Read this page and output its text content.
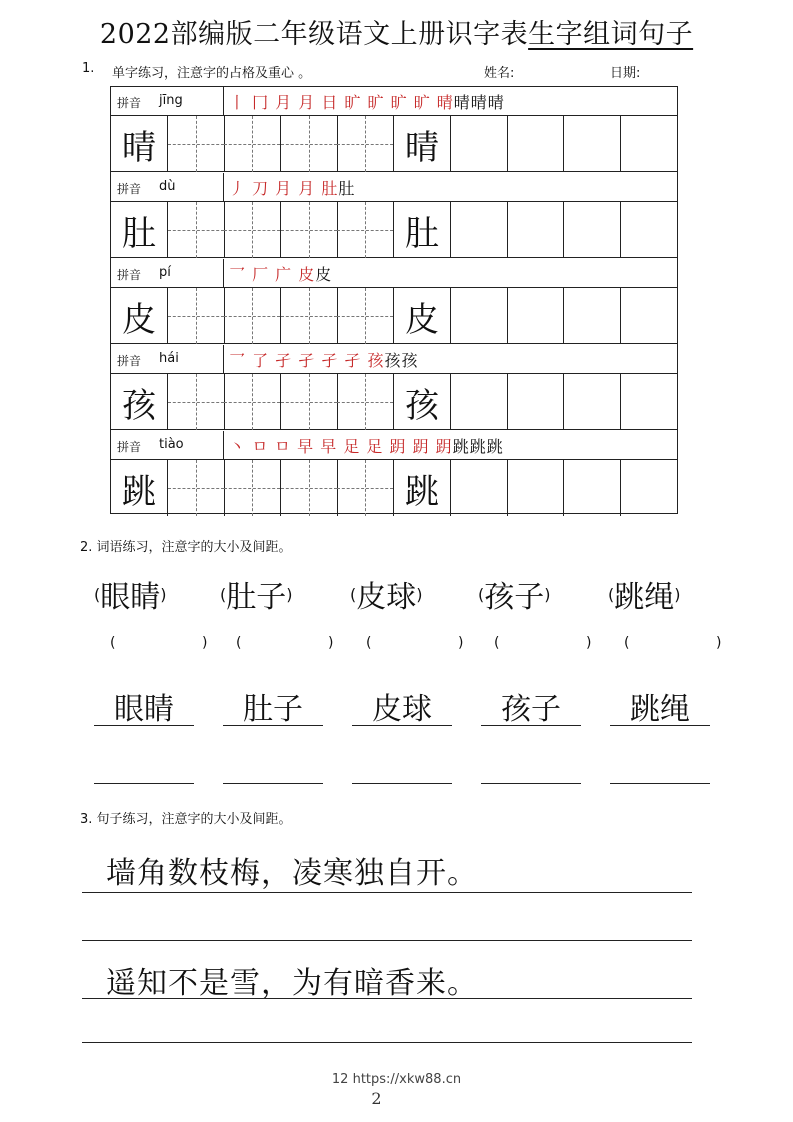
2022部编版二年级语文上册识字表生字组词句子
1. 单字练习，注意字的占格及重心 。	姓名:	日期:
拼音 jīng	丨 冂 月 月 日 旷 旷 旷 旷 晴晴晴晴
晴	晴
拼音 dù	丿 刀 月 月 肚肚
肚	肚
拼音 pí	乛 厂 广 皮皮
皮	皮
拼音 hái	乛 了 孑 孑 孑 孑 孩孩孩
孩	孩
拼音 tiào	丶 ㅁ ㅁ 早 早 足 足 跀 跀 跀跳跳跳
跳	跳
2. 词语练习，注意字的大小及间距。
(眼睛)	(肚子)	(皮球)	(孩子)	(跳绳)
(	) (	) (	) (	) (	)
眼睛	肚子	皮球	孩子	跳绳
3. 句子练习，注意字的大小及间距。
墙角数枝梅，凌寒独自开。
遥知不是雪，为有暗香来。
12 https://xkw88.cn
2
